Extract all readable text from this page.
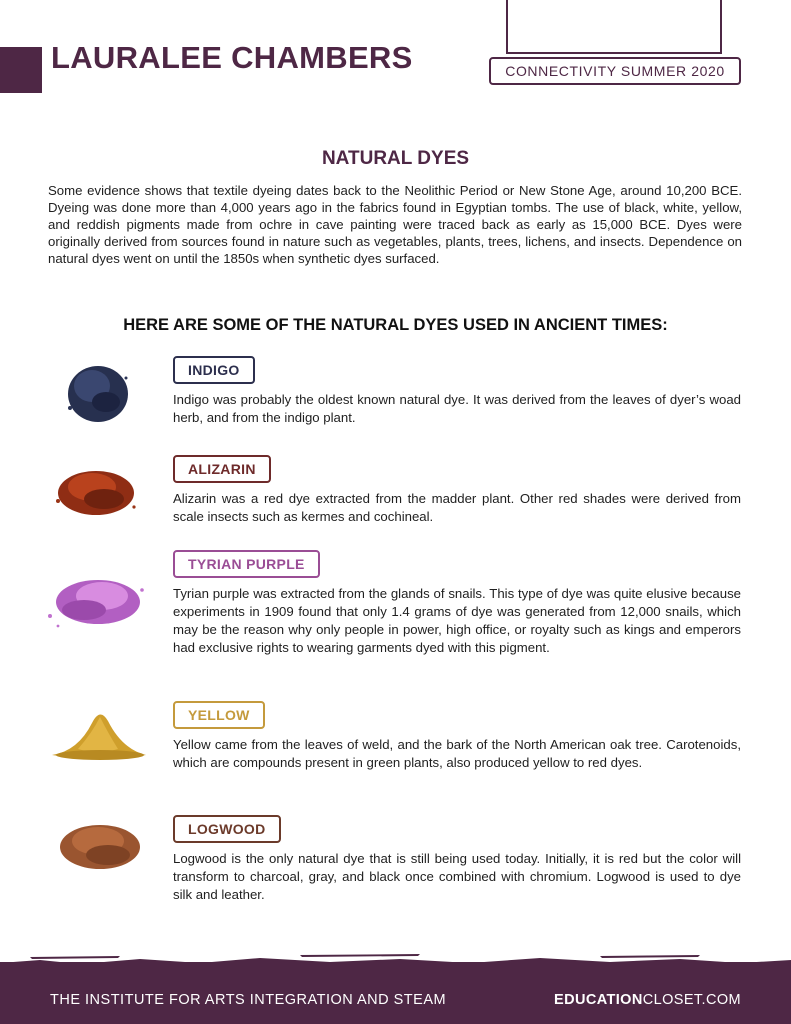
LAURALEE CHAMBERS	CONNECTIVITY SUMMER 2020
NATURAL DYES

Some evidence shows that textile dyeing dates back to the Neolithic Period or New Stone Age, around 10,200 BCE. Dyeing was done more than 4,000 years ago in the fabrics found in Egyptian tombs. The use of black, white, yellow, and reddish pigments made from ochre in cave painting were traced back as early as 15,000 BCE. Dyes were originally derived from sources found in nature such as vegetables, plants, trees, lichens, and insects. Dependence on natural dyes went on until the 1850s when synthetic dyes surfaced.

HERE ARE SOME OF THE NATURAL DYES USED IN ANCIENT TIMES:
INDIGO

Indigo was probably the oldest known natural dye. It was derived from the leaves of dyer’s woad herb, and from the indigo plant.

ALIZARIN

Alizarin was a red dye extracted from the madder plant. Other red shades were derived from scale insects such as kermes and cochineal.

TYRIAN PURPLE

Tyrian purple was extracted from the glands of snails. This type of dye was quite elusive because experiments in 1909 found that only 1.4 grams of dye was generated from 12,000 snails, which may be the reason why only people in power, high office, or royalty such as kings and emperors had exclusive rights to wearing garments dyed with this pigment.

YELLOW

Yellow came from the leaves of weld, and the bark of the North American oak tree. Carotenoids, which are compounds present in green plants, also produced yellow to red dyes.

LOGWOOD

Logwood is the only natural dye that is still being used today. Initially, it is red but the color will transform to charcoal, gray, and black once combined with chromium. Logwood is used to dye silk and leather.

THE INSTITUTE FOR ARTS INTEGRATION AND STEAM	EDUCATIONCLOSET.COM
